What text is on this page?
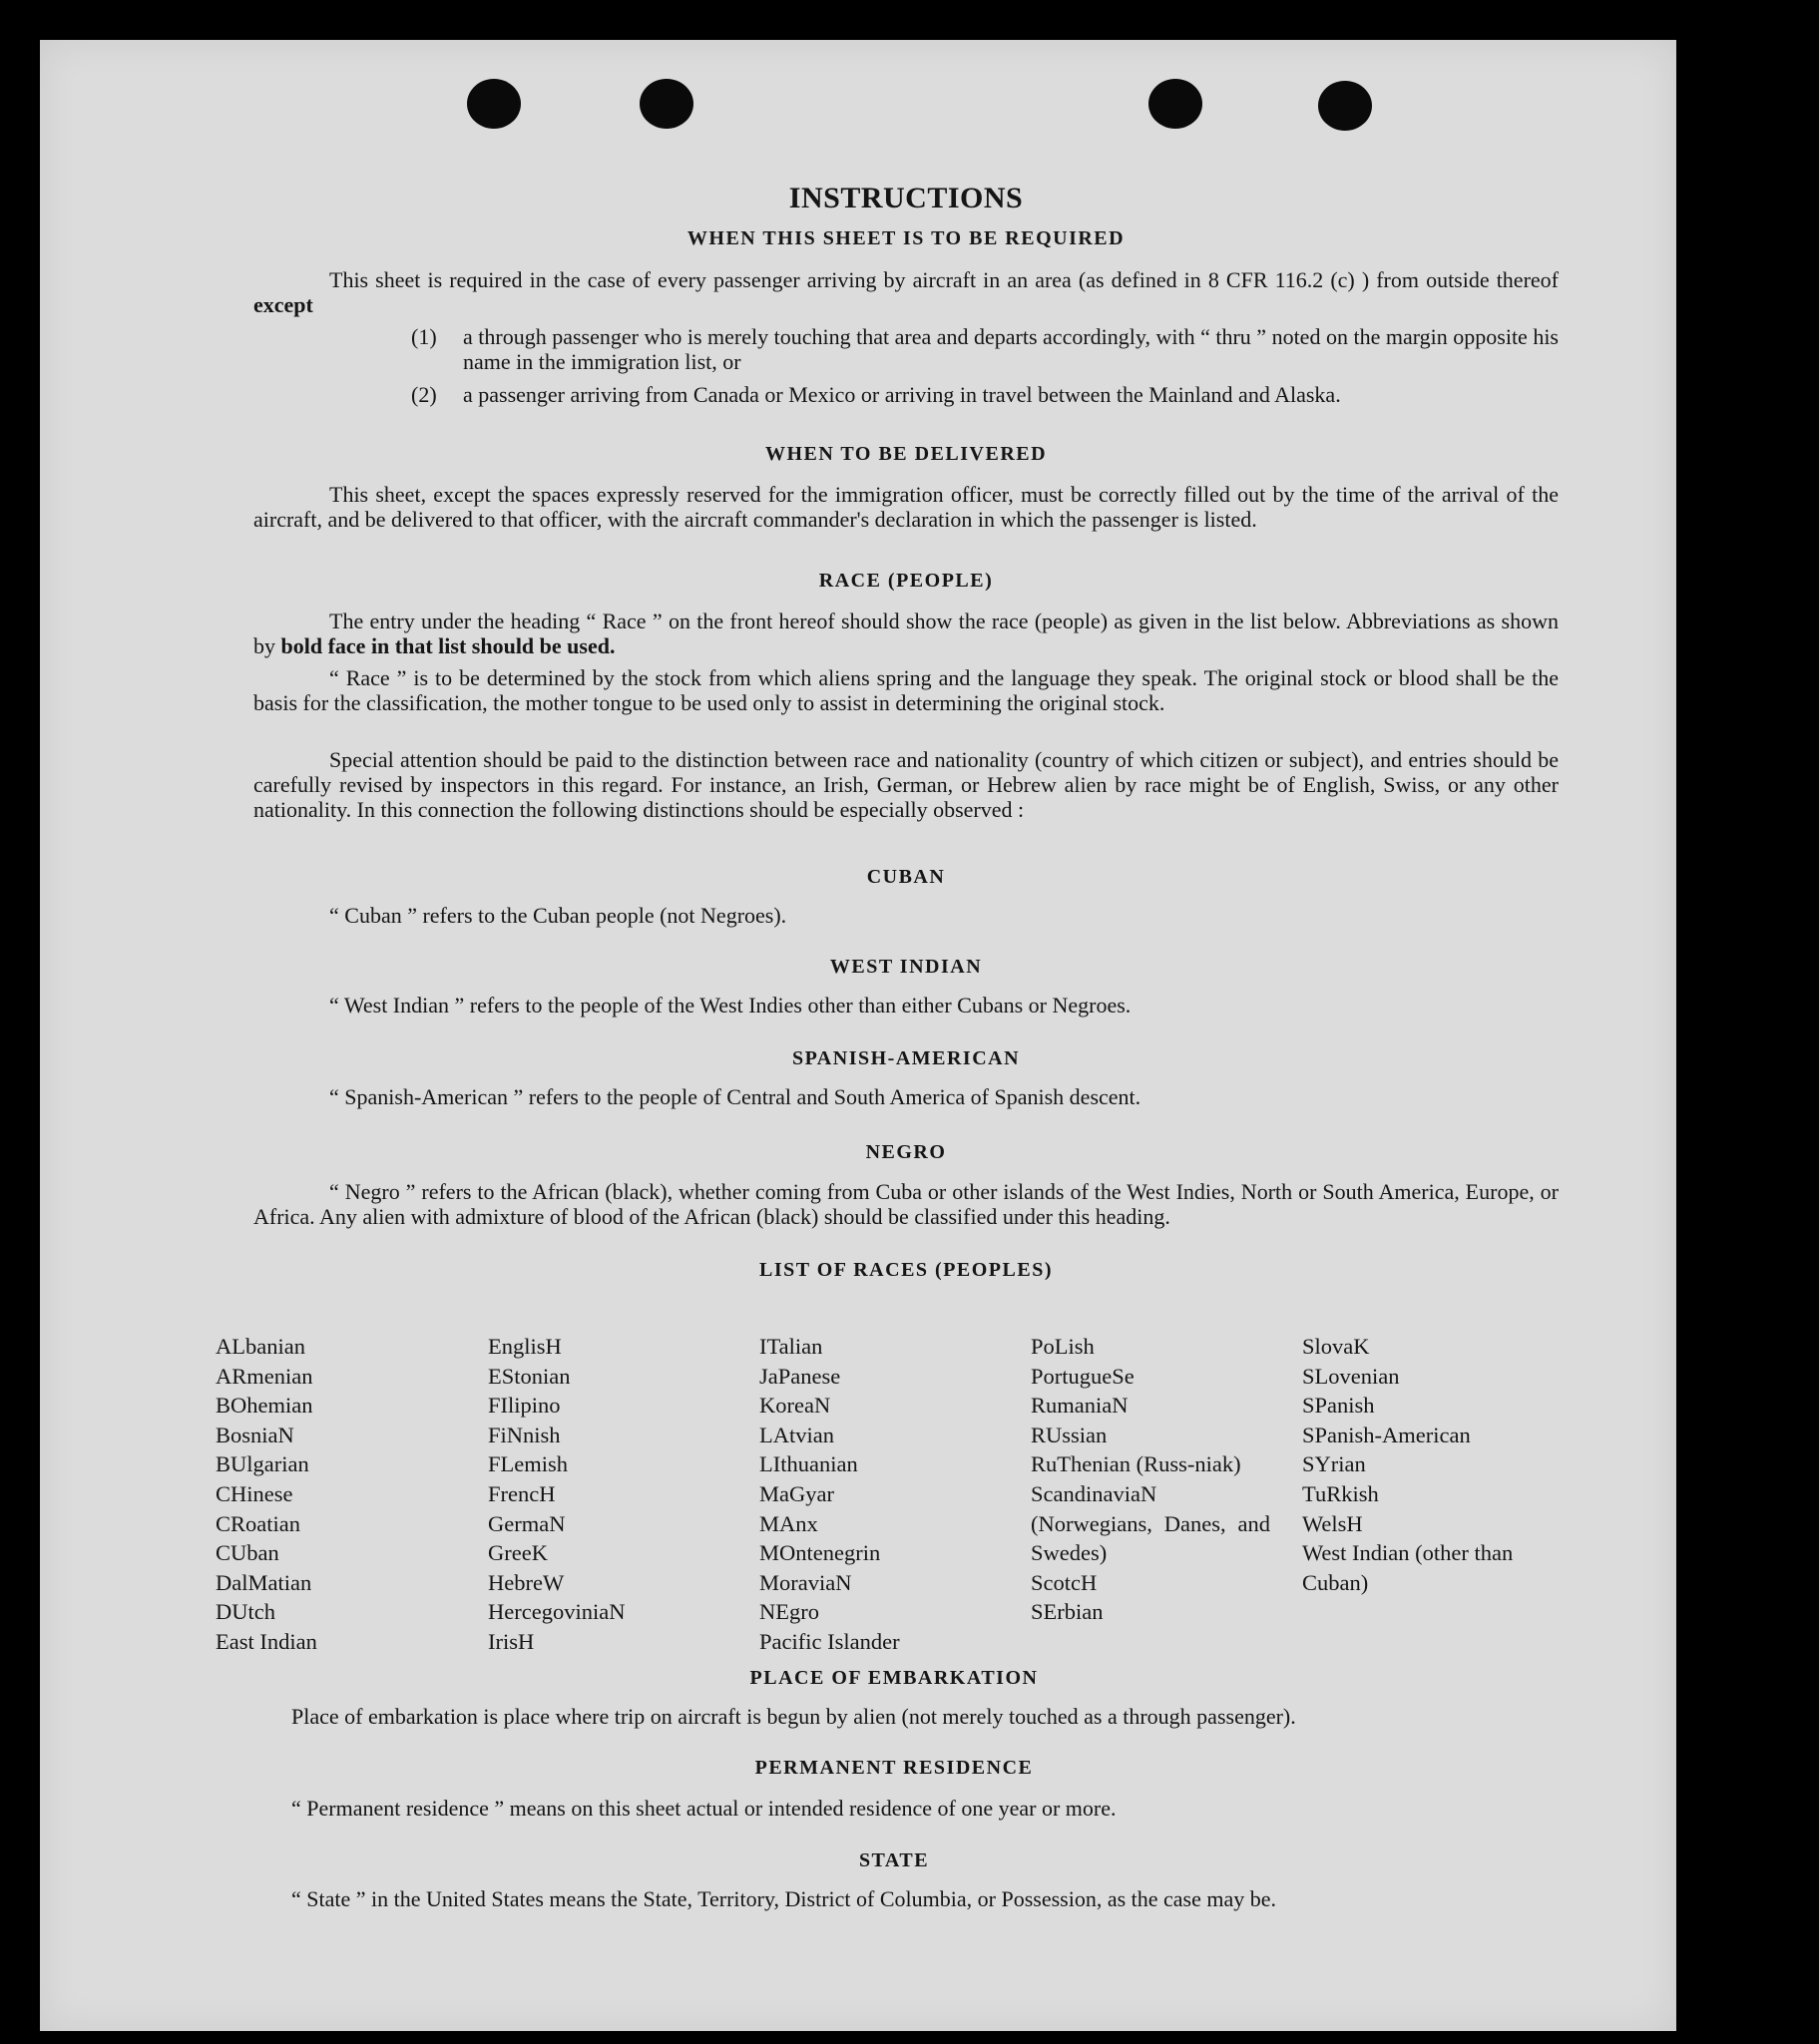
INSTRUCTIONS
WHEN THIS SHEET IS TO BE REQUIRED
This sheet is required in the case of every passenger arriving by aircraft in an area (as defined in 8 CFR 116.2 (c) ) from outside thereof except
(1)	a through passenger who is merely touching that area and departs accordingly, with “ thru ” noted on the margin opposite his name in the immigration list, or
(2)	a passenger arriving from Canada or Mexico or arriving in travel between the Mainland and Alaska.
WHEN TO BE DELIVERED
This sheet, except the spaces expressly reserved for the immigration officer, must be correctly filled out by the time of the arrival of the aircraft, and be delivered to that officer, with the aircraft commander's declaration in which the passenger is listed.
RACE (PEOPLE)
The entry under the heading “ Race ” on the front hereof should show the race (people) as given in the list below. Abbreviations as shown by bold face in that list should be used.
“ Race ” is to be determined by the stock from which aliens spring and the language they speak. The original stock or blood shall be the basis for the classification, the mother tongue to be used only to assist in determining the original stock.
Special attention should be paid to the distinction between race and nationality (country of which citizen or subject), and entries should be carefully revised by inspectors in this regard. For instance, an Irish, German, or Hebrew alien by race might be of English, Swiss, or any other nationality. In this connection the following distinctions should be especially observed :
CUBAN
“ Cuban ” refers to the Cuban people (not Negroes).
WEST INDIAN
“ West Indian ” refers to the people of the West Indies other than either Cubans or Negroes.
SPANISH-AMERICAN
“ Spanish-American ” refers to the people of Central and South America of Spanish descent.
NEGRO
“ Negro ” refers to the African (black), whether coming from Cuba or other islands of the West Indies, North or South America, Europe, or Africa. Any alien with admixture of blood of the African (black) should be classified under this heading.
LIST OF RACES (PEOPLES)
ALbanian
ARmenian
BOhemian
BosniaN
BUlgarian
CHinese
CRoatian
CUban
DalMatian
DUtch
East Indian
EnglisH
EStonian
FIlipino
FiNnish
FLemish
FrencH
GermaN
GreeK
HebreW
HercegoviniaN
IrisH
ITalian
JaPanese
KoreaN
LAtvian
LIthuanian
MaGyar
MAnx
MOntenegrin
MoraviaN
NEgro
Pacific Islander
PoLish
PortugueSe
RumaniaN
RUssian
RuThenian (Russ-niak)
ScandinaviaN (Norwegians, Danes, and Swedes)
ScotcH
SErbian
SlovaK
SLovenian
SPanish
SPanish-American
SYrian
TuRkish
WelsH
West Indian (other than Cuban)
PLACE OF EMBARKATION
Place of embarkation is place where trip on aircraft is begun by alien (not merely touched as a through passenger).
PERMANENT RESIDENCE
“ Permanent residence ” means on this sheet actual or intended residence of one year or more.
STATE
“ State ” in the United States means the State, Territory, District of Columbia, or Possession, as the case may be.
